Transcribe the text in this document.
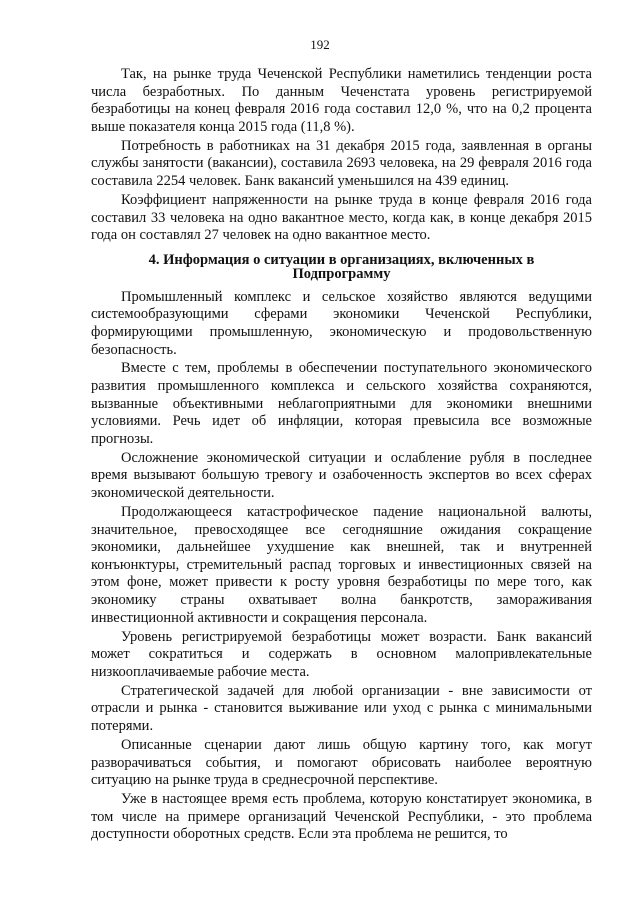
192

Так, на рынке труда Чеченской Республики наметились тенденции роста числа безработных. По данным Чеченстата уровень регистрируемой безработицы на конец февраля 2016 года составил 12,0 %, что на 0,2 процента выше показателя конца 2015 года (11,8 %).

Потребность в работниках на 31 декабря 2015 года, заявленная в органы службы занятости (вакансии), составила 2693 человека, на 29 февраля 2016 года составила 2254 человек. Банк вакансий уменьшился на 439 единиц.

Коэффициент напряженности на рынке труда в конце февраля 2016 года составил 33 человека на одно вакантное место, когда как, в конце декабря 2015 года он составлял 27 человек на одно вакантное место.

4. Информация о ситуации в организациях, включенных в Подпрограмму

Промышленный комплекс и сельское хозяйство являются ведущими системообразующими сферами экономики Чеченской Республики, формирующими промышленную, экономическую и продовольственную безопасность.

Вместе с тем, проблемы в обеспечении поступательного экономического развития промышленного комплекса и сельского хозяйства сохраняются, вызванные объективными неблагоприятными для экономики внешними условиями. Речь идет об инфляции, которая превысила все возможные прогнозы.

Осложнение экономической ситуации и ослабление рубля в последнее время вызывают большую тревогу и озабоченность экспертов во всех сферах экономической деятельности.

Продолжающееся катастрофическое падение национальной валюты, значительное, превосходящее все сегодняшние ожидания сокращение экономики, дальнейшее ухудшение как внешней, так и внутренней конъюнктуры, стремительный распад торговых и инвестиционных связей на этом фоне, может привести к росту уровня безработицы по мере того, как экономику страны охватывает волна банкротств, замораживания инвестиционной активности и сокращения персонала.

Уровень регистрируемой безработицы может возрасти. Банк вакансий может сократиться и содержать в основном малопривлекательные низкооплачиваемые рабочие места.

Стратегической задачей для любой организации - вне зависимости от отрасли и рынка - становится выживание или уход с рынка с минимальными потерями.

Описанные сценарии дают лишь общую картину того, как могут разворачиваться события, и помогают обрисовать наиболее вероятную ситуацию на рынке труда в среднесрочной перспективе.

Уже в настоящее время есть проблема, которую констатирует экономика, в том числе на примере организаций Чеченской Республики, - это проблема доступности оборотных средств. Если эта проблема не решится, то
